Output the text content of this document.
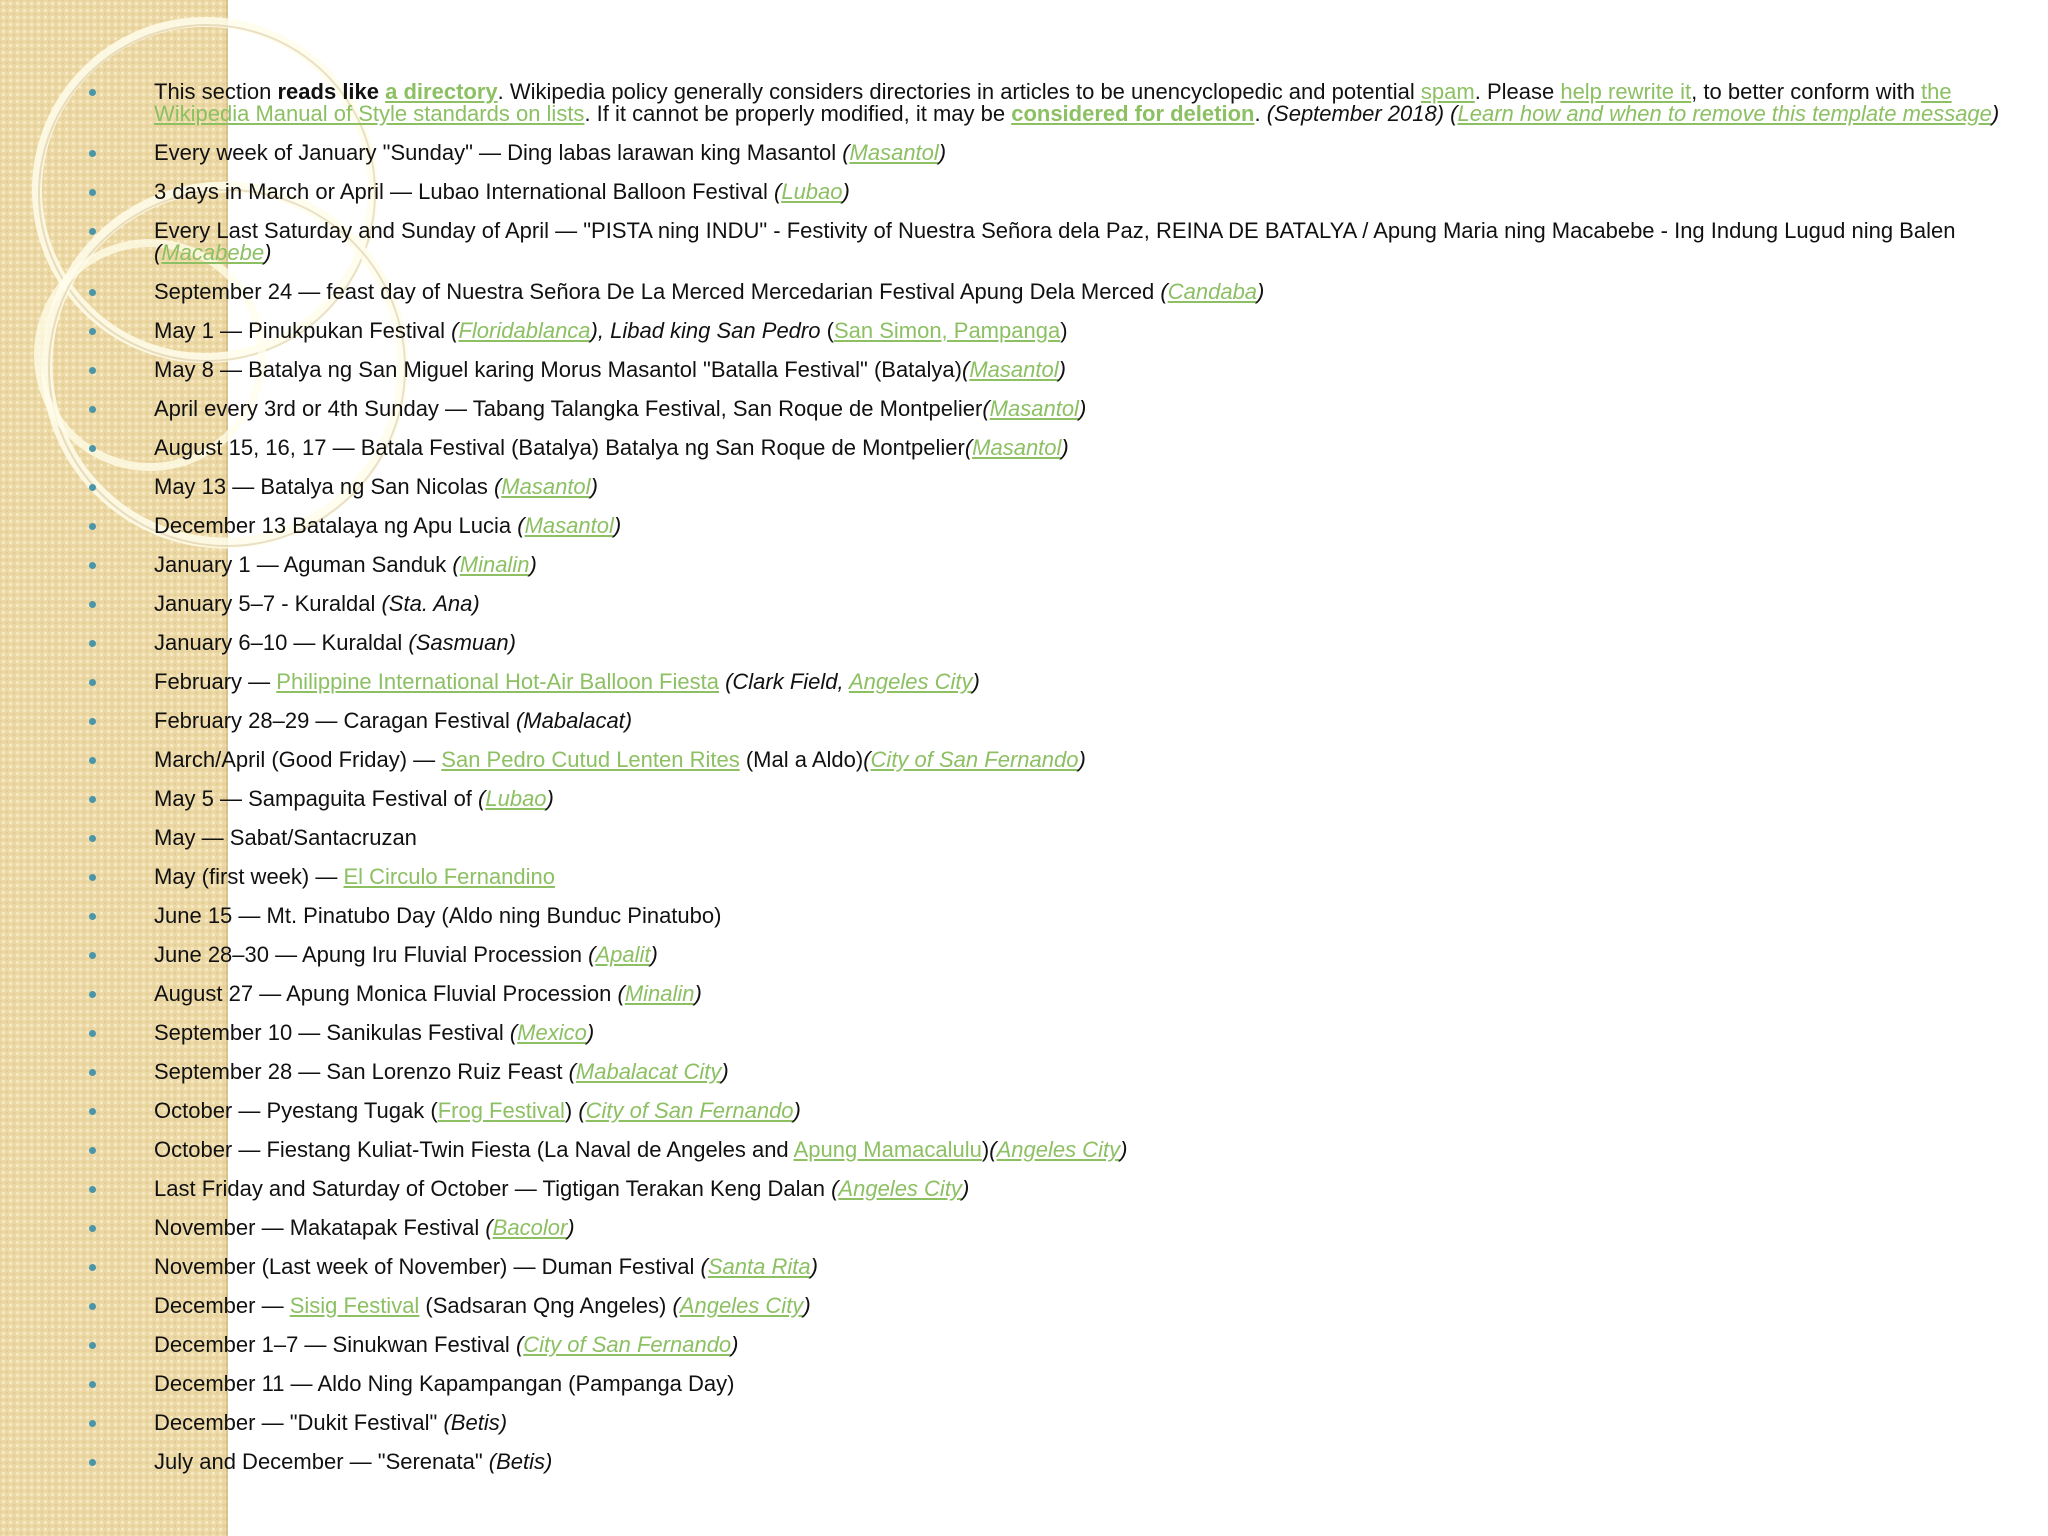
This section reads like a directory. Wikipedia policy generally considers directories in articles to be unencyclopedic and potential spam. Please help rewrite it, to better conform with the Wikipedia Manual of Style standards on lists. If it cannot be properly modified, it may be considered for deletion. (September 2018) (Learn how and when to remove this template message)
Every week of January "Sunday" — Ding labas larawan king Masantol (Masantol)
3 days in March or April — Lubao International Balloon Festival (Lubao)
Every Last Saturday and Sunday of April — "PISTA ning INDU" - Festivity of Nuestra Señora dela Paz, REINA DE BATALYA / Apung Maria ning Macabebe - Ing Indung Lugud ning Balen (Macabebe)
September 24 — feast day of Nuestra Señora De La Merced Mercedarian Festival Apung Dela Merced (Candaba)
May 1 — Pinukpukan Festival (Floridablanca), Libad king San Pedro (San Simon, Pampanga)
May 8 — Batalya ng San Miguel karing Morus Masantol "Batalla Festival" (Batalya)(Masantol)
April every 3rd or 4th Sunday — Tabang Talangka Festival, San Roque de Montpelier(Masantol)
August 15, 16, 17 — Batala Festival (Batalya) Batalya ng San Roque de Montpelier(Masantol)
May 13 — Batalya ng San Nicolas (Masantol)
December 13 Batalaya ng Apu Lucia (Masantol)
January 1 — Aguman Sanduk (Minalin)
January 5–7 - Kuraldal (Sta. Ana)
January 6–10 — Kuraldal (Sasmuan)
February — Philippine International Hot-Air Balloon Fiesta (Clark Field, Angeles City)
February 28–29 — Caragan Festival (Mabalacat)
March/April (Good Friday) — San Pedro Cutud Lenten Rites (Mal a Aldo)(City of San Fernando)
May 5 — Sampaguita Festival of (Lubao)
May — Sabat/Santacruzan
May (first week) — El Circulo Fernandino
June 15 — Mt. Pinatubo Day (Aldo ning Bunduc Pinatubo)
June 28–30 — Apung Iru Fluvial Procession (Apalit)
August 27 — Apung Monica Fluvial Procession (Minalin)
September 10 — Sanikulas Festival (Mexico)
September 28 — San Lorenzo Ruiz Feast (Mabalacat City)
October — Pyestang Tugak (Frog Festival) (City of San Fernando)
October — Fiestang Kuliat-Twin Fiesta (La Naval de Angeles and Apung Mamacalulu)(Angeles City)
Last Friday and Saturday of October — Tigtigan Terakan Keng Dalan (Angeles City)
November — Makatapak Festival (Bacolor)
November (Last week of November) — Duman Festival (Santa Rita)
December — Sisig Festival (Sadsaran Qng Angeles) (Angeles City)
December 1–7 — Sinukwan Festival (City of San Fernando)
December 11 — Aldo Ning Kapampangan (Pampanga Day)
December — "Dukit Festival" (Betis)
July and December — "Serenata" (Betis)
